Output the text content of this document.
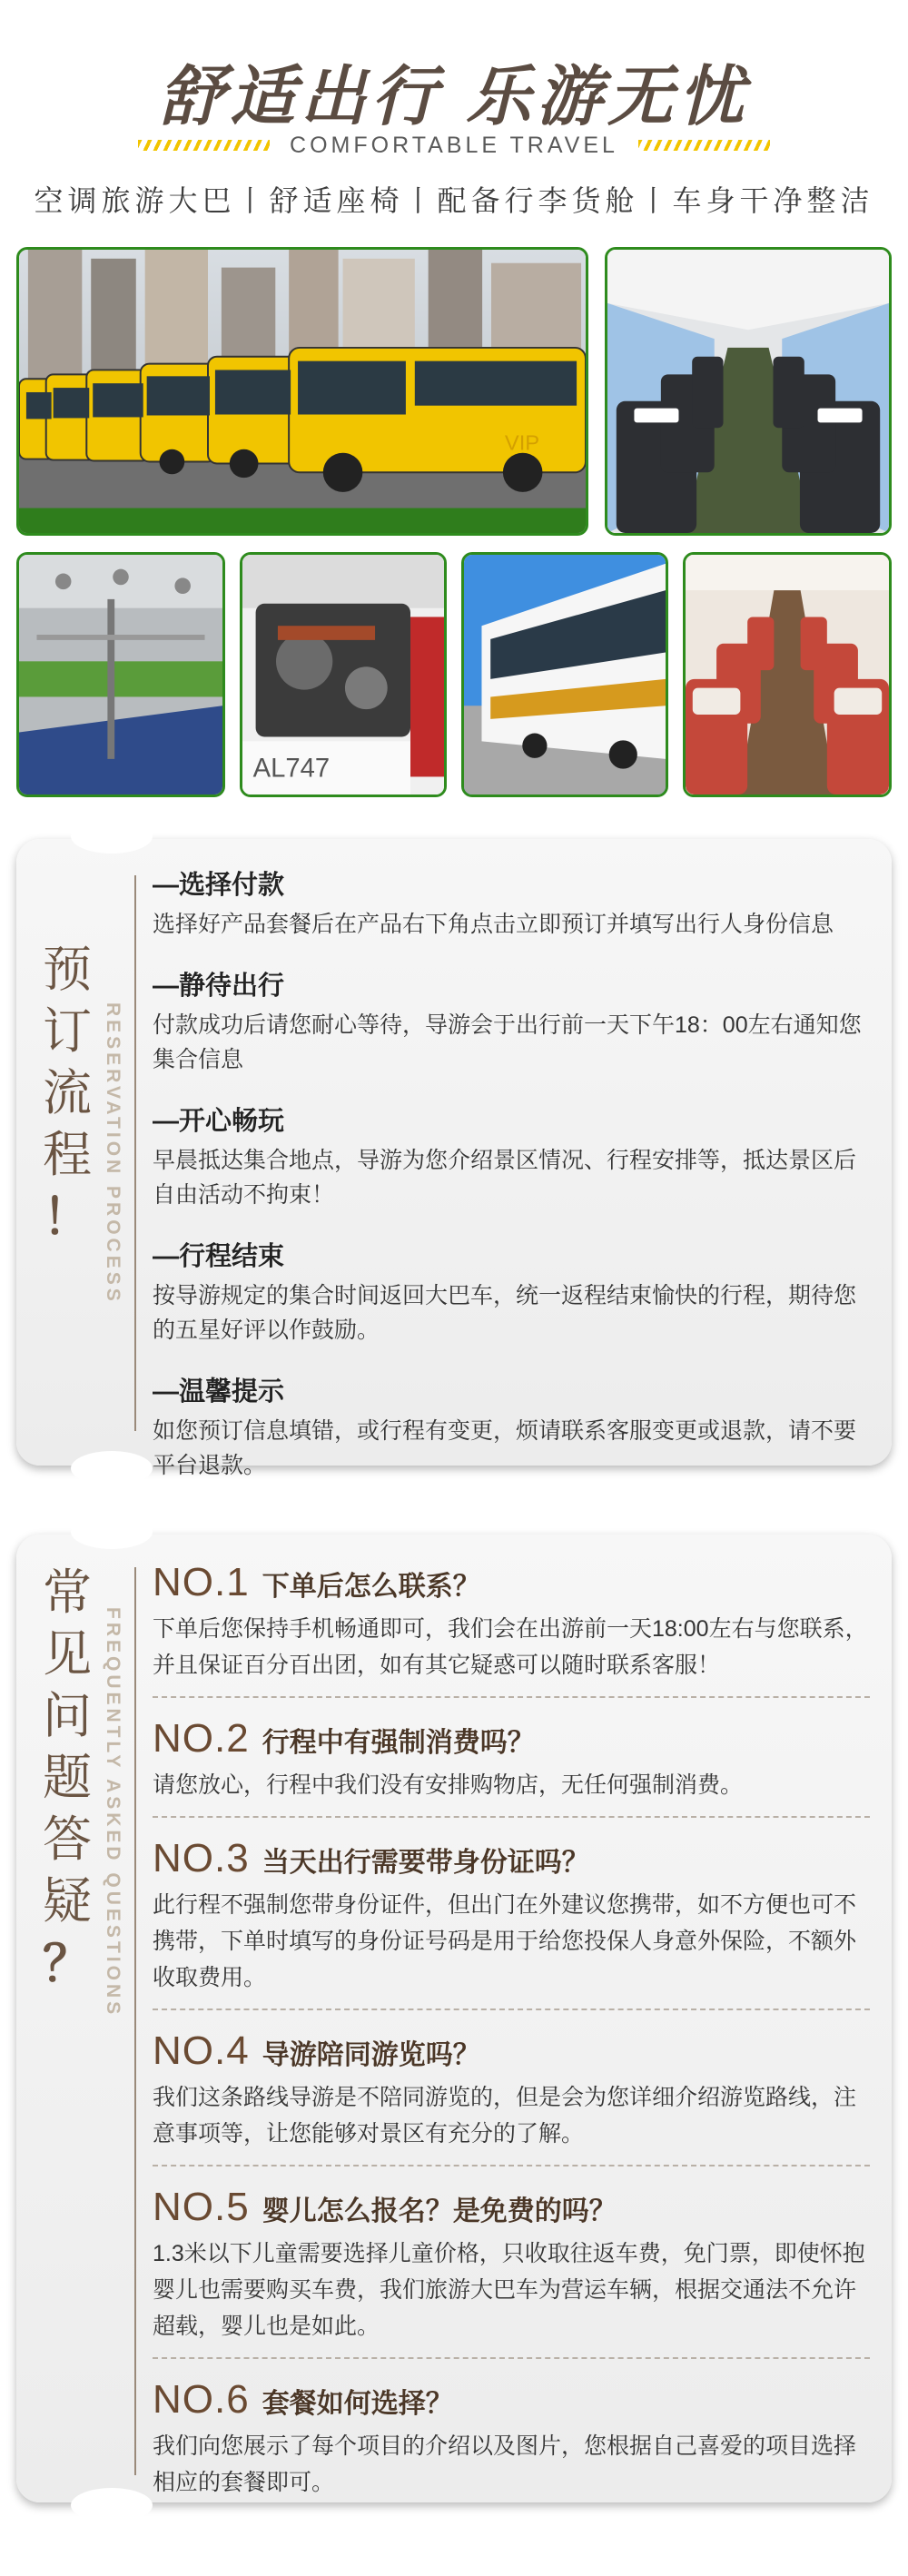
舒适出行 乐游无忧
COMFORTABLE TRAVEL
空调旅游大巴丨舒适座椅丨配备行李货舱丨车身干净整洁
VIP
AL747
预
订
流
程
！ RESERVATION PROCESS
—选择付款
选择好产品套餐后在产品右下角点击立即预订并填写出行人身份信息
—静待出行
付款成功后请您耐心等待，导游会于出行前一天下午18：00左右通知您集合信息
—开心畅玩
早晨抵达集合地点，导游为您介绍景区情况、行程安排等，抵达景区后自由活动不拘束！
—行程结束
按导游规定的集合时间返回大巴车，统一返程结束愉快的行程，期待您的五星好评以作鼓励。
—温馨提示
如您预订信息填错，或行程有变更，烦请联系客服变更或退款，请不要平台退款。
常
见
问
题
答
疑
？ FREQUENTLY ASKED QUESTIONS
NO.1 下单后怎么联系？
下单后您保持手机畅通即可，我们会在出游前一天18:00左右与您联系，并且保证百分百出团，如有其它疑惑可以随时联系客服！
NO.2 行程中有强制消费吗？
请您放心，行程中我们没有安排购物店，无任何强制消费。
NO.3 当天出行需要带身份证吗？
此行程不强制您带身份证件，但出门在外建议您携带，如不方便也可不携带，下单时填写的身份证号码是用于给您投保人身意外保险，不额外收取费用。
NO.4 导游陪同游览吗？
我们这条路线导游是不陪同游览的，但是会为您详细介绍游览路线，注意事项等，让您能够对景区有充分的了解。
NO.5 婴儿怎么报名？是免费的吗？
1.3米以下儿童需要选择儿童价格，只收取往返车费，免门票，即使怀抱婴儿也需要购买车费，我们旅游大巴车为营运车辆，根据交通法不允许超载，婴儿也是如此。
NO.6 套餐如何选择？
我们向您展示了每个项目的介绍以及图片，您根据自己喜爱的项目选择相应的套餐即可。
